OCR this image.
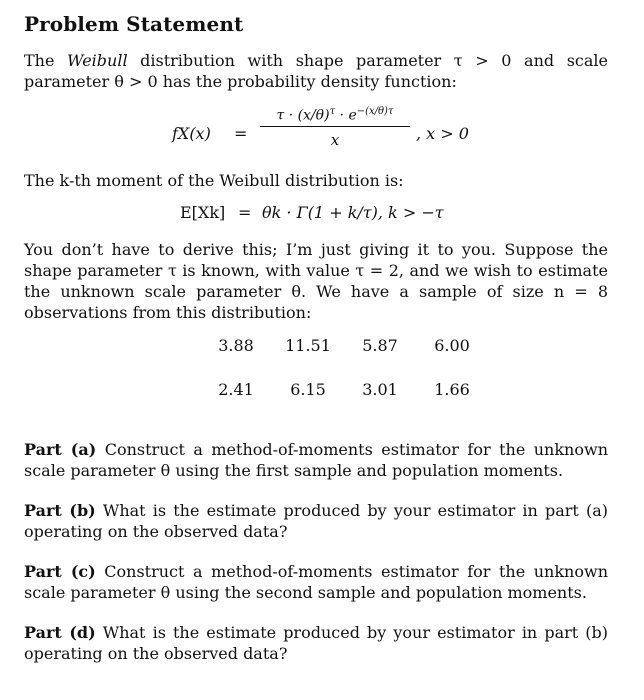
Problem Statement

The Weibull distribution with shape parameter τ > 0 and scale parameter θ > 0 has the probability density function:

$fX(x) = \frac{\tau \cdot (x/\theta)^\tau \cdot e^{-(x/\theta)\tau}}{x}$ , x > 0

The k-th moment of the Weibull distribution is:

E[Xk] = θk · Γ(1 + k/τ), k > −τ

You don’t have to derive this; I’m just giving it to you. Suppose the shape parameter τ is known, with value τ = 2, and we wish to estimate the unknown scale parameter θ. We have a sample of size n = 8 observations from this distribution:

3.88	11.51	5.87	6.00
2.41	6.15	3.01	1.66

Part (a) Construct a method-of-moments estimator for the unknown scale parameter θ using the first sample and population moments.

Part (b) What is the estimate produced by your estimator in part (a) operating on the observed data?

Part (c) Construct a method-of-moments estimator for the unknown scale parameter θ using the second sample and population moments.

Part (d) What is the estimate produced by your estimator in part (b) operating on the observed data?
